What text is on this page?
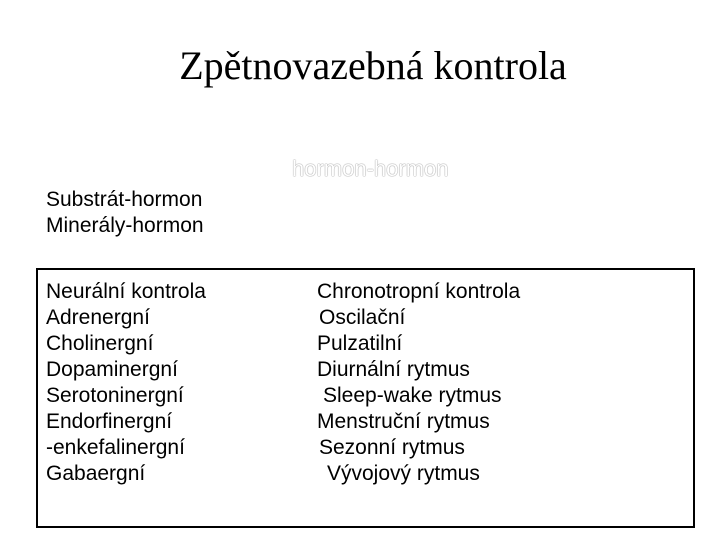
Zpětnovazebná kontrola
hormon-hormon
Substrát-hormon
Minerály-hormon
Neurální kontrola
Adrenergní
Cholinergní
Dopaminergní
Serotoninergní
Endorfinergní
-enkefalinergní
Gabaergní
Chronotropní kontrola
Oscilační
Pulzatilní
Diurnální rytmus
Sleep-wake rytmus
Menstruční rytmus
Sezonní rytmus
Vývojový rytmus
